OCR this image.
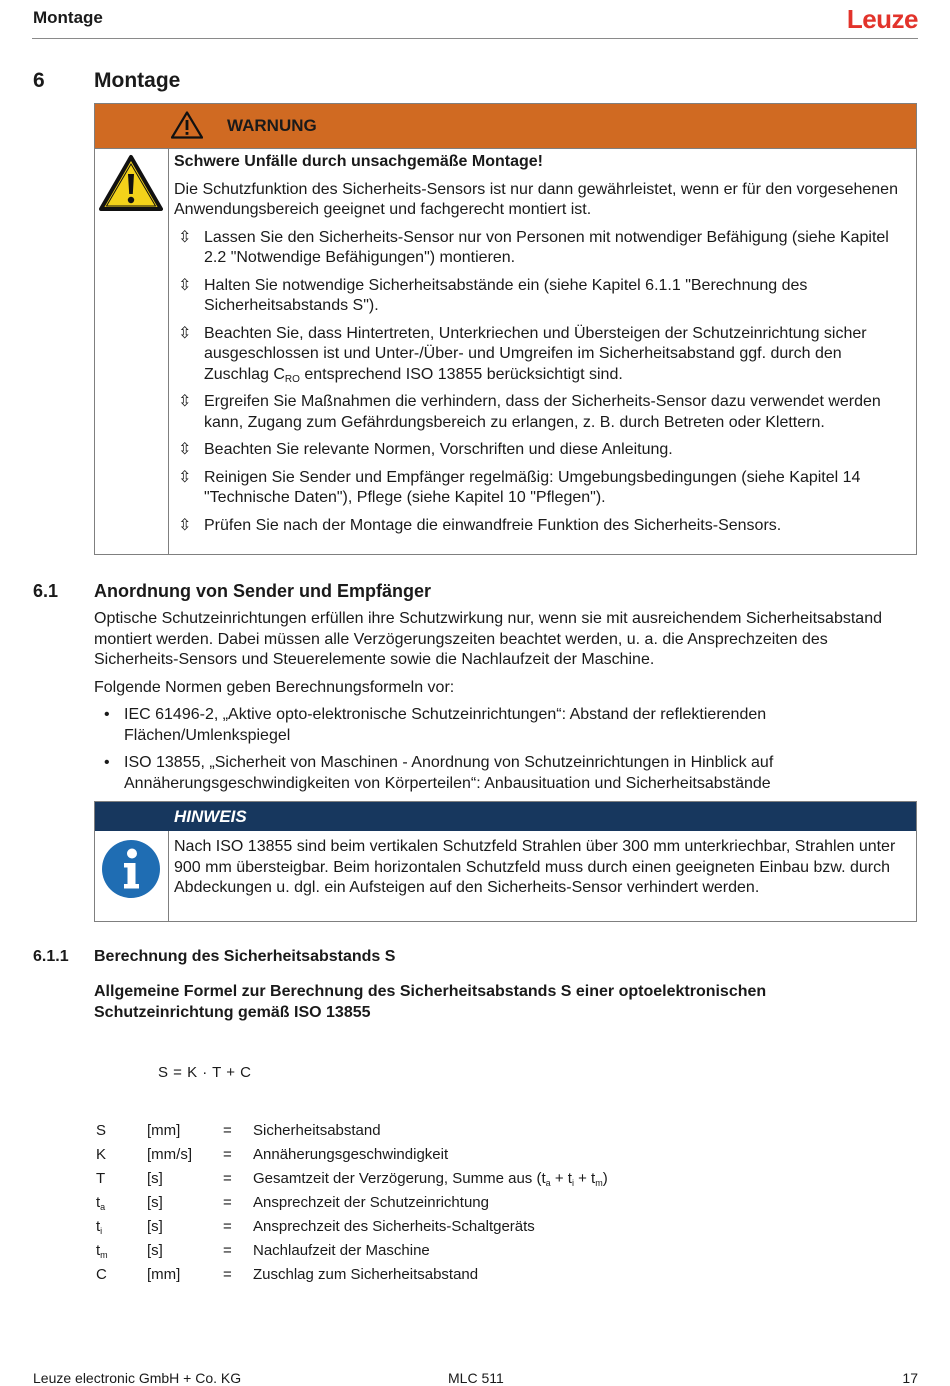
Montage	Leuze
6 Montage
WARNUNG

Schwere Unfälle durch unsachgemäße Montage!

Die Schutzfunktion des Sicherheits-Sensors ist nur dann gewährleistet, wenn er für den vorgesehenen Anwendungsbereich geeignet und fachgerecht montiert ist.

⇳ Lassen Sie den Sicherheits-Sensor nur von Personen mit notwendiger Befähigung (siehe Kapitel 2.2 "Notwendige Befähigungen") montieren.
⇳ Halten Sie notwendige Sicherheitsabstände ein (siehe Kapitel 6.1.1 "Berechnung des Sicherheitsabstands S").
⇳ Beachten Sie, dass Hintertreten, Unterkriechen und Übersteigen der Schutzeinrichtung sicher ausgeschlossen ist und Unter-/Über- und Umgreifen im Sicherheitsabstand ggf. durch den Zuschlag $C_{RO}$ entsprechend ISO 13855 berücksichtigt sind.
⇳ Ergreifen Sie Maßnahmen die verhindern, dass der Sicherheits-Sensor dazu verwendet werden kann, Zugang zum Gefährdungsbereich zu erlangen, z. B. durch Betreten oder Klettern.
⇳ Beachten Sie relevante Normen, Vorschriften und diese Anleitung.
⇳ Reinigen Sie Sender und Empfänger regelmäßig: Umgebungsbedingungen (siehe Kapitel 14 "Technische Daten"), Pflege (siehe Kapitel 10 "Pflegen").
⇳ Prüfen Sie nach der Montage die einwandfreie Funktion des Sicherheits-Sensors.
6.1 Anordnung von Sender und Empfänger

Optische Schutzeinrichtungen erfüllen ihre Schutzwirkung nur, wenn sie mit ausreichendem Sicherheitsabstand montiert werden. Dabei müssen alle Verzögerungszeiten beachtet werden, u. a. die Ansprechzeiten des Sicherheits-Sensors und Steuerelemente sowie die Nachlaufzeit der Maschine.

Folgende Normen geben Berechnungsformeln vor:

• IEC 61496-2, „Aktive opto-elektronische Schutzeinrichtungen“: Abstand der reflektierenden Flächen/Umlenkspiegel
• ISO 13855, „Sicherheit von Maschinen - Anordnung von Schutzeinrichtungen in Hinblick auf Annäherungsgeschwindigkeiten von Körperteilen“: Anbausituation und Sicherheitsabstände
HINWEIS
Nach ISO 13855 sind beim vertikalen Schutzfeld Strahlen über 300 mm unterkriechbar, Strahlen unter 900 mm übersteigbar. Beim horizontalen Schutzfeld muss durch einen geeigneten Einbau bzw. durch Abdeckungen u. dgl. ein Aufsteigen auf den Sicherheits-Sensor verhindert werden.
6.1.1 Berechnung des Sicherheitsabstands S
Allgemeine Formel zur Berechnung des Sicherheitsabstands S einer optoelektronischen Schutzeinrichtung gemäß ISO 13855
S = K · T + C
S	[mm]	= Sicherheitsabstand
K	[mm/s] = Annäherungsgeschwindigkeit
T	[s]	= Gesamtzeit der Verzögerung, Summe aus $(t_a + t_i + t_m)$
$t_a$	[s]	= Ansprechzeit der Schutzeinrichtung
$t_i$	[s]	= Ansprechzeit des Sicherheits-Schaltgeräts
$t_m$	[s]	= Nachlaufzeit der Maschine
C	[mm]	= Zuschlag zum Sicherheitsabstand
Leuze electronic GmbH + Co. KG	MLC 511	17
